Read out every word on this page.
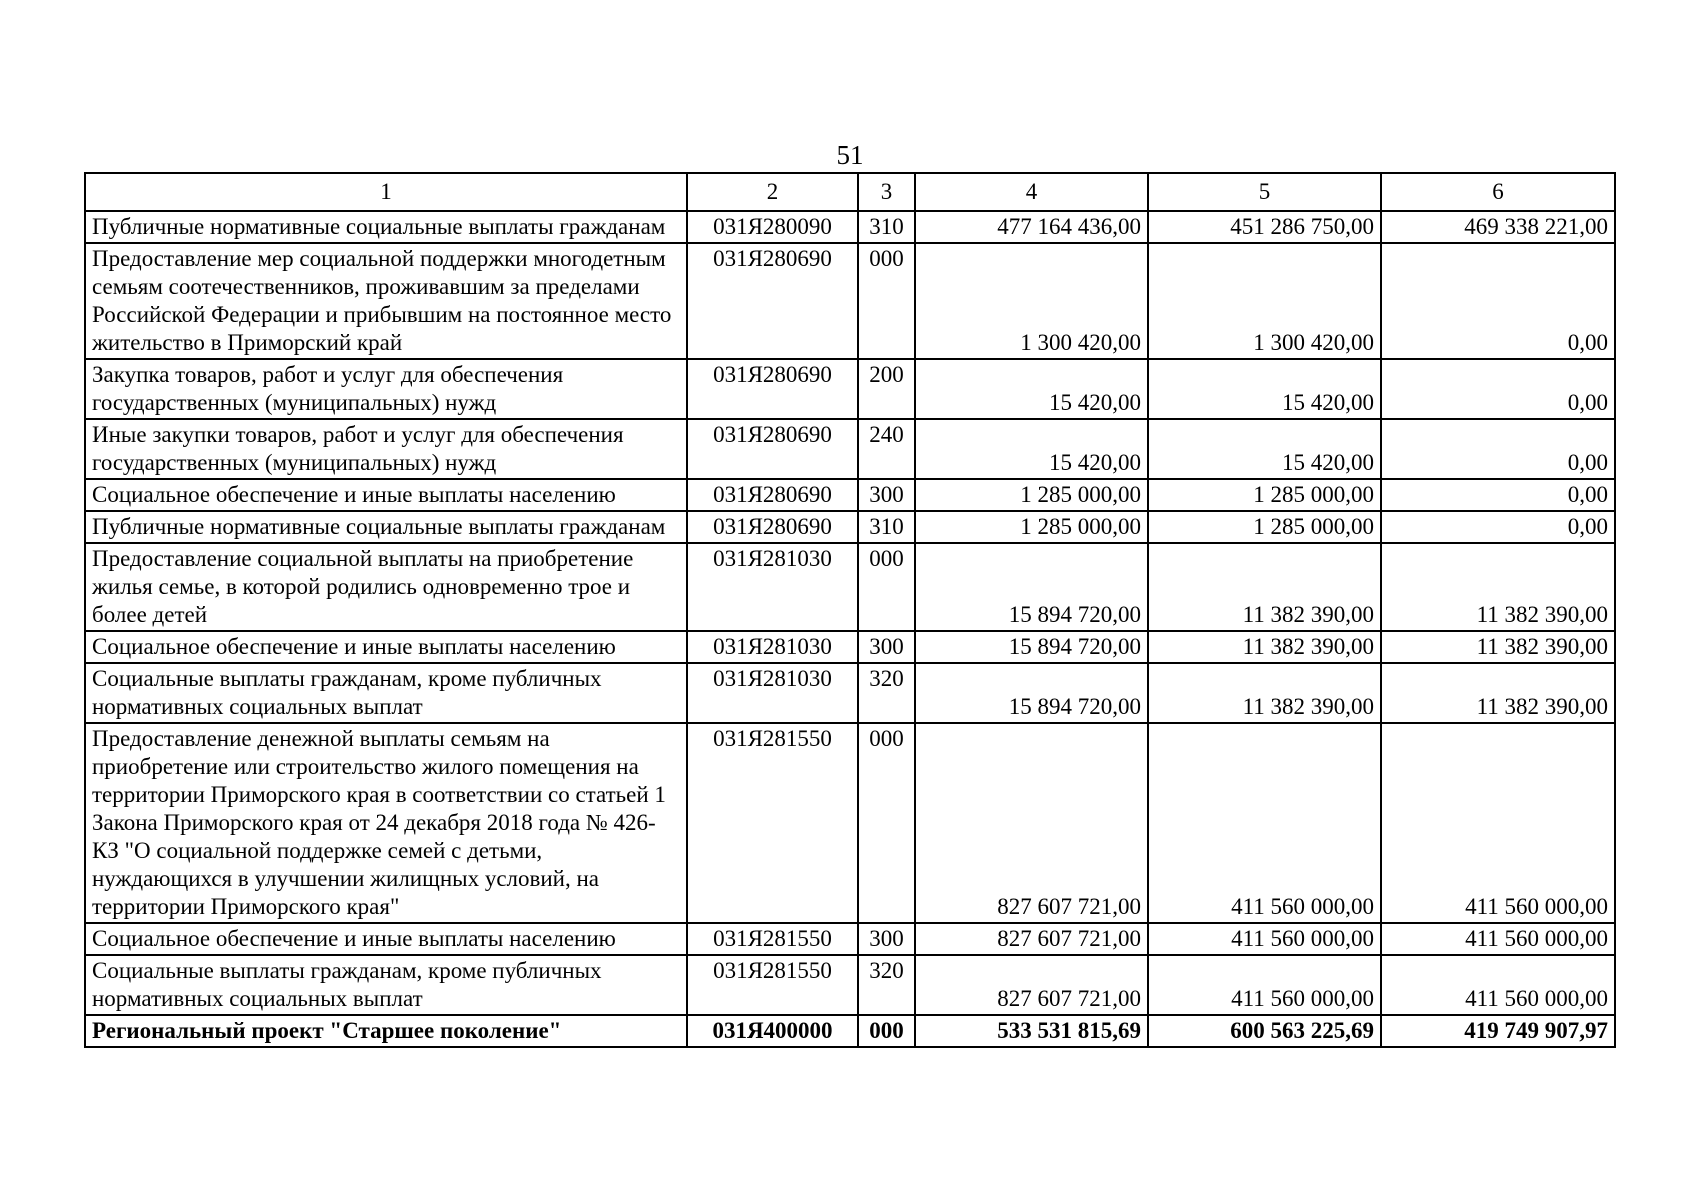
51
1	2	3	4	5	6
Публичные нормативные социальные выплаты гражданам	031Я280090	310	477 164 436,00	451 286 750,00	469 338 221,00
Предоставление мер социальной поддержки многодетным семьям соотечественников, проживавшим за пределами Российской Федерации и прибывшим на постоянное место жительство в Приморский край	031Я280690	000	1 300 420,00	1 300 420,00	0,00
Закупка товаров, работ и услуг для обеспечения государственных (муниципальных) нужд	031Я280690	200	15 420,00	15 420,00	0,00
Иные закупки товаров, работ и услуг для обеспечения государственных (муниципальных) нужд	031Я280690	240	15 420,00	15 420,00	0,00
Социальное обеспечение и иные выплаты населению	031Я280690	300	1 285 000,00	1 285 000,00	0,00
Публичные нормативные социальные выплаты гражданам	031Я280690	310	1 285 000,00	1 285 000,00	0,00
Предоставление социальной выплаты на приобретение жилья семье, в которой родились одновременно трое и более детей	031Я281030	000	15 894 720,00	11 382 390,00	11 382 390,00
Социальное обеспечение и иные выплаты населению	031Я281030	300	15 894 720,00	11 382 390,00	11 382 390,00
Социальные выплаты гражданам, кроме публичных нормативных социальных выплат	031Я281030	320	15 894 720,00	11 382 390,00	11 382 390,00
Предоставление денежной выплаты семьям на приобретение или строительство жилого помещения на территории Приморского края в соответствии со статьей 1 Закона Приморского края от 24 декабря 2018 года № 426-КЗ "О социальной поддержке семей с детьми, нуждающихся в улучшении жилищных условий, на территории Приморского края"	031Я281550	000	827 607 721,00	411 560 000,00	411 560 000,00
Социальное обеспечение и иные выплаты населению	031Я281550	300	827 607 721,00	411 560 000,00	411 560 000,00
Социальные выплаты гражданам, кроме публичных нормативных социальных выплат	031Я281550	320	827 607 721,00	411 560 000,00	411 560 000,00
Региональный проект "Старшее поколение"	031Я400000	000	533 531 815,69	600 563 225,69	419 749 907,97
